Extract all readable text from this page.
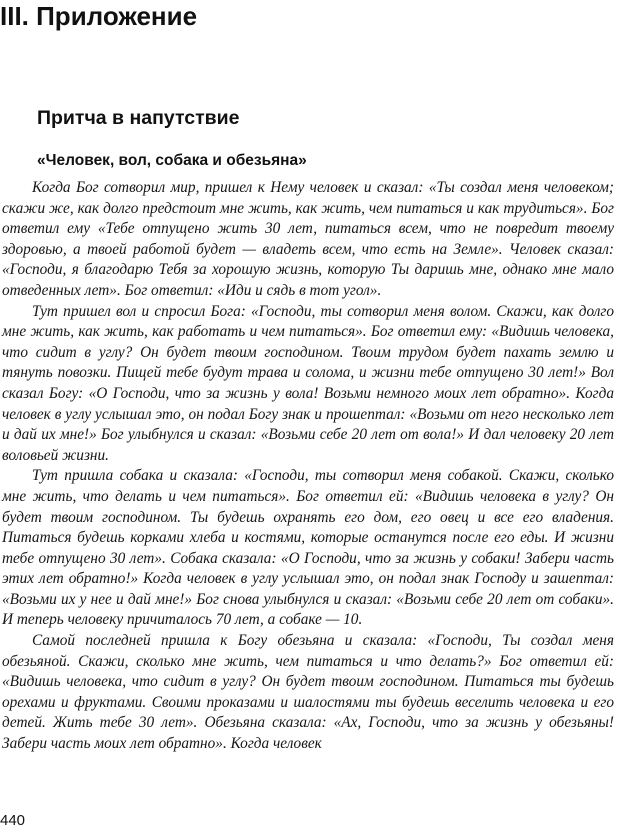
III. Приложение
Притча в напутствие
«Человек, вол, собака и обезьяна»

Когда Бог сотворил мир, пришел к Нему человек и сказал: «Ты создал меня человеком; скажи же, как долго предстоит мне жить, как жить, чем питаться и как трудиться». Бог ответил ему «Тебе отпущено жить 30 лет, питаться всем, что не повредит твоему здоровью, а твоей работой будет — владеть всем, что есть на Земле». Человек сказал: «Господи, я благодарю Тебя за хорошую жизнь, которую Ты даришь мне, однако мне мало отведенных лет». Бог ответил: «Иди и сядь в тот угол».

Тут пришел вол и спросил Бога: «Господи, ты сотворил меня волом. Скажи, как долго мне жить, как жить, как работать и чем питаться». Бог ответил ему: «Видишь человека, что сидит в углу? Он будет твоим господином. Твоим трудом будет пахать землю и тянуть повозки. Пищей тебе будут трава и солома, и жизни тебе отпущено 30 лет!» Вол сказал Богу: «О Господи, что за жизнь у вола! Возьми немного моих лет обратно». Когда человек в углу услышал это, он подал Богу знак и прошептал: «Возьми от него несколько лет и дай их мне!» Бог улыбнулся и сказал: «Возьми себе 20 лет от вола!» И дал человеку 20 лет воловьей жизни.

Тут пришла собака и сказала: «Господи, ты сотворил меня собакой. Скажи, сколько мне жить, что делать и чем питаться». Бог ответил ей: «Видишь человека в углу? Он будет твоим господином. Ты будешь охранять его дом, его овец и все его владения. Питаться будешь корками хлеба и костями, которые останутся после его еды. И жизни тебе отпущено 30 лет». Собака сказала: «О Господи, что за жизнь у собаки! Забери часть этих лет обратно!» Когда человек в углу услышал это, он подал знак Господу и зашептал: «Возьми их у нее и дай мне!» Бог снова улыбнулся и сказал: «Возьми себе 20 лет от собаки». И теперь человеку причиталось 70 лет, а собаке — 10.

Самой последней пришла к Богу обезьяна и сказала: «Господи, Ты создал меня обезьяной. Скажи, сколько мне жить, чем питаться и что делать?» Бог ответил ей: «Видишь человека, что сидит в углу? Он будет твоим господином. Питаться ты будешь орехами и фруктами. Своими проказами и шалостями ты будешь веселить человека и его детей. Жить тебе 30 лет». Обезьяна сказала: «Ах, Господи, что за жизнь у обезьяны! Забери часть моих лет обратно». Когда человек

440
